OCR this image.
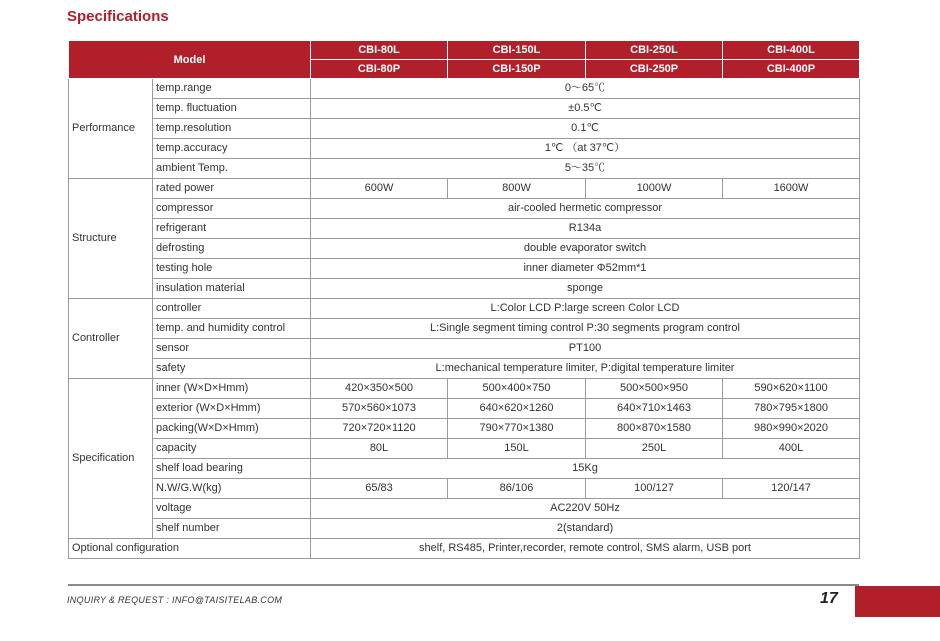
Specifications
Model		CBI-80L	CBI-150L	CBI-250L	CBI-400L
		CBI-80P	CBI-150P	CBI-250P	CBI-400P
Performance	temp.range	0～65℃			
	temp. fluctuation	±0.5℃			
	temp.resolution	0.1℃			
	temp.accuracy	1℃ （at 37℃）			
	ambient Temp.	5～35℃			
Structure	rated power	600W	800W	1000W	1600W
	compressor	air-cooled hermetic compressor			
	refrigerant	R134a			
	defrosting	double evaporator switch			
	testing hole	inner diameter Φ52mm*1			
	insulation material	sponge			
Controller	controller	L:Color LCD P:large screen Color LCD			
	temp. and humidity control	L:Single segment timing control P:30 segments program control			
	sensor	PT100			
	safety	L:mechanical temperature limiter, P:digital temperature limiter			
Specification	inner (W×D×Hmm)	420×350×500	500×400×750	500×500×950	590×620×1100
	exterior (W×D×Hmm)	570×560×1073	640×620×1260	640×710×1463	780×795×1800
	packing(W×D×Hmm)	720×720×1120	790×770×1380	800×870×1580	980×990×2020
	capacity	80L	150L	250L	400L
	shelf load bearing	15Kg			
	N.W/G.W(kg)	65/83	86/106	100/127	120/147
	voltage	AC220V 50Hz			
	shelf number	2(standard)			
Optional configuration		shelf, RS485, Printer,recorder, remote control, SMS alarm, USB port			
INQUIRY & REQUEST : INFO@TAISITELAB.COM	17
